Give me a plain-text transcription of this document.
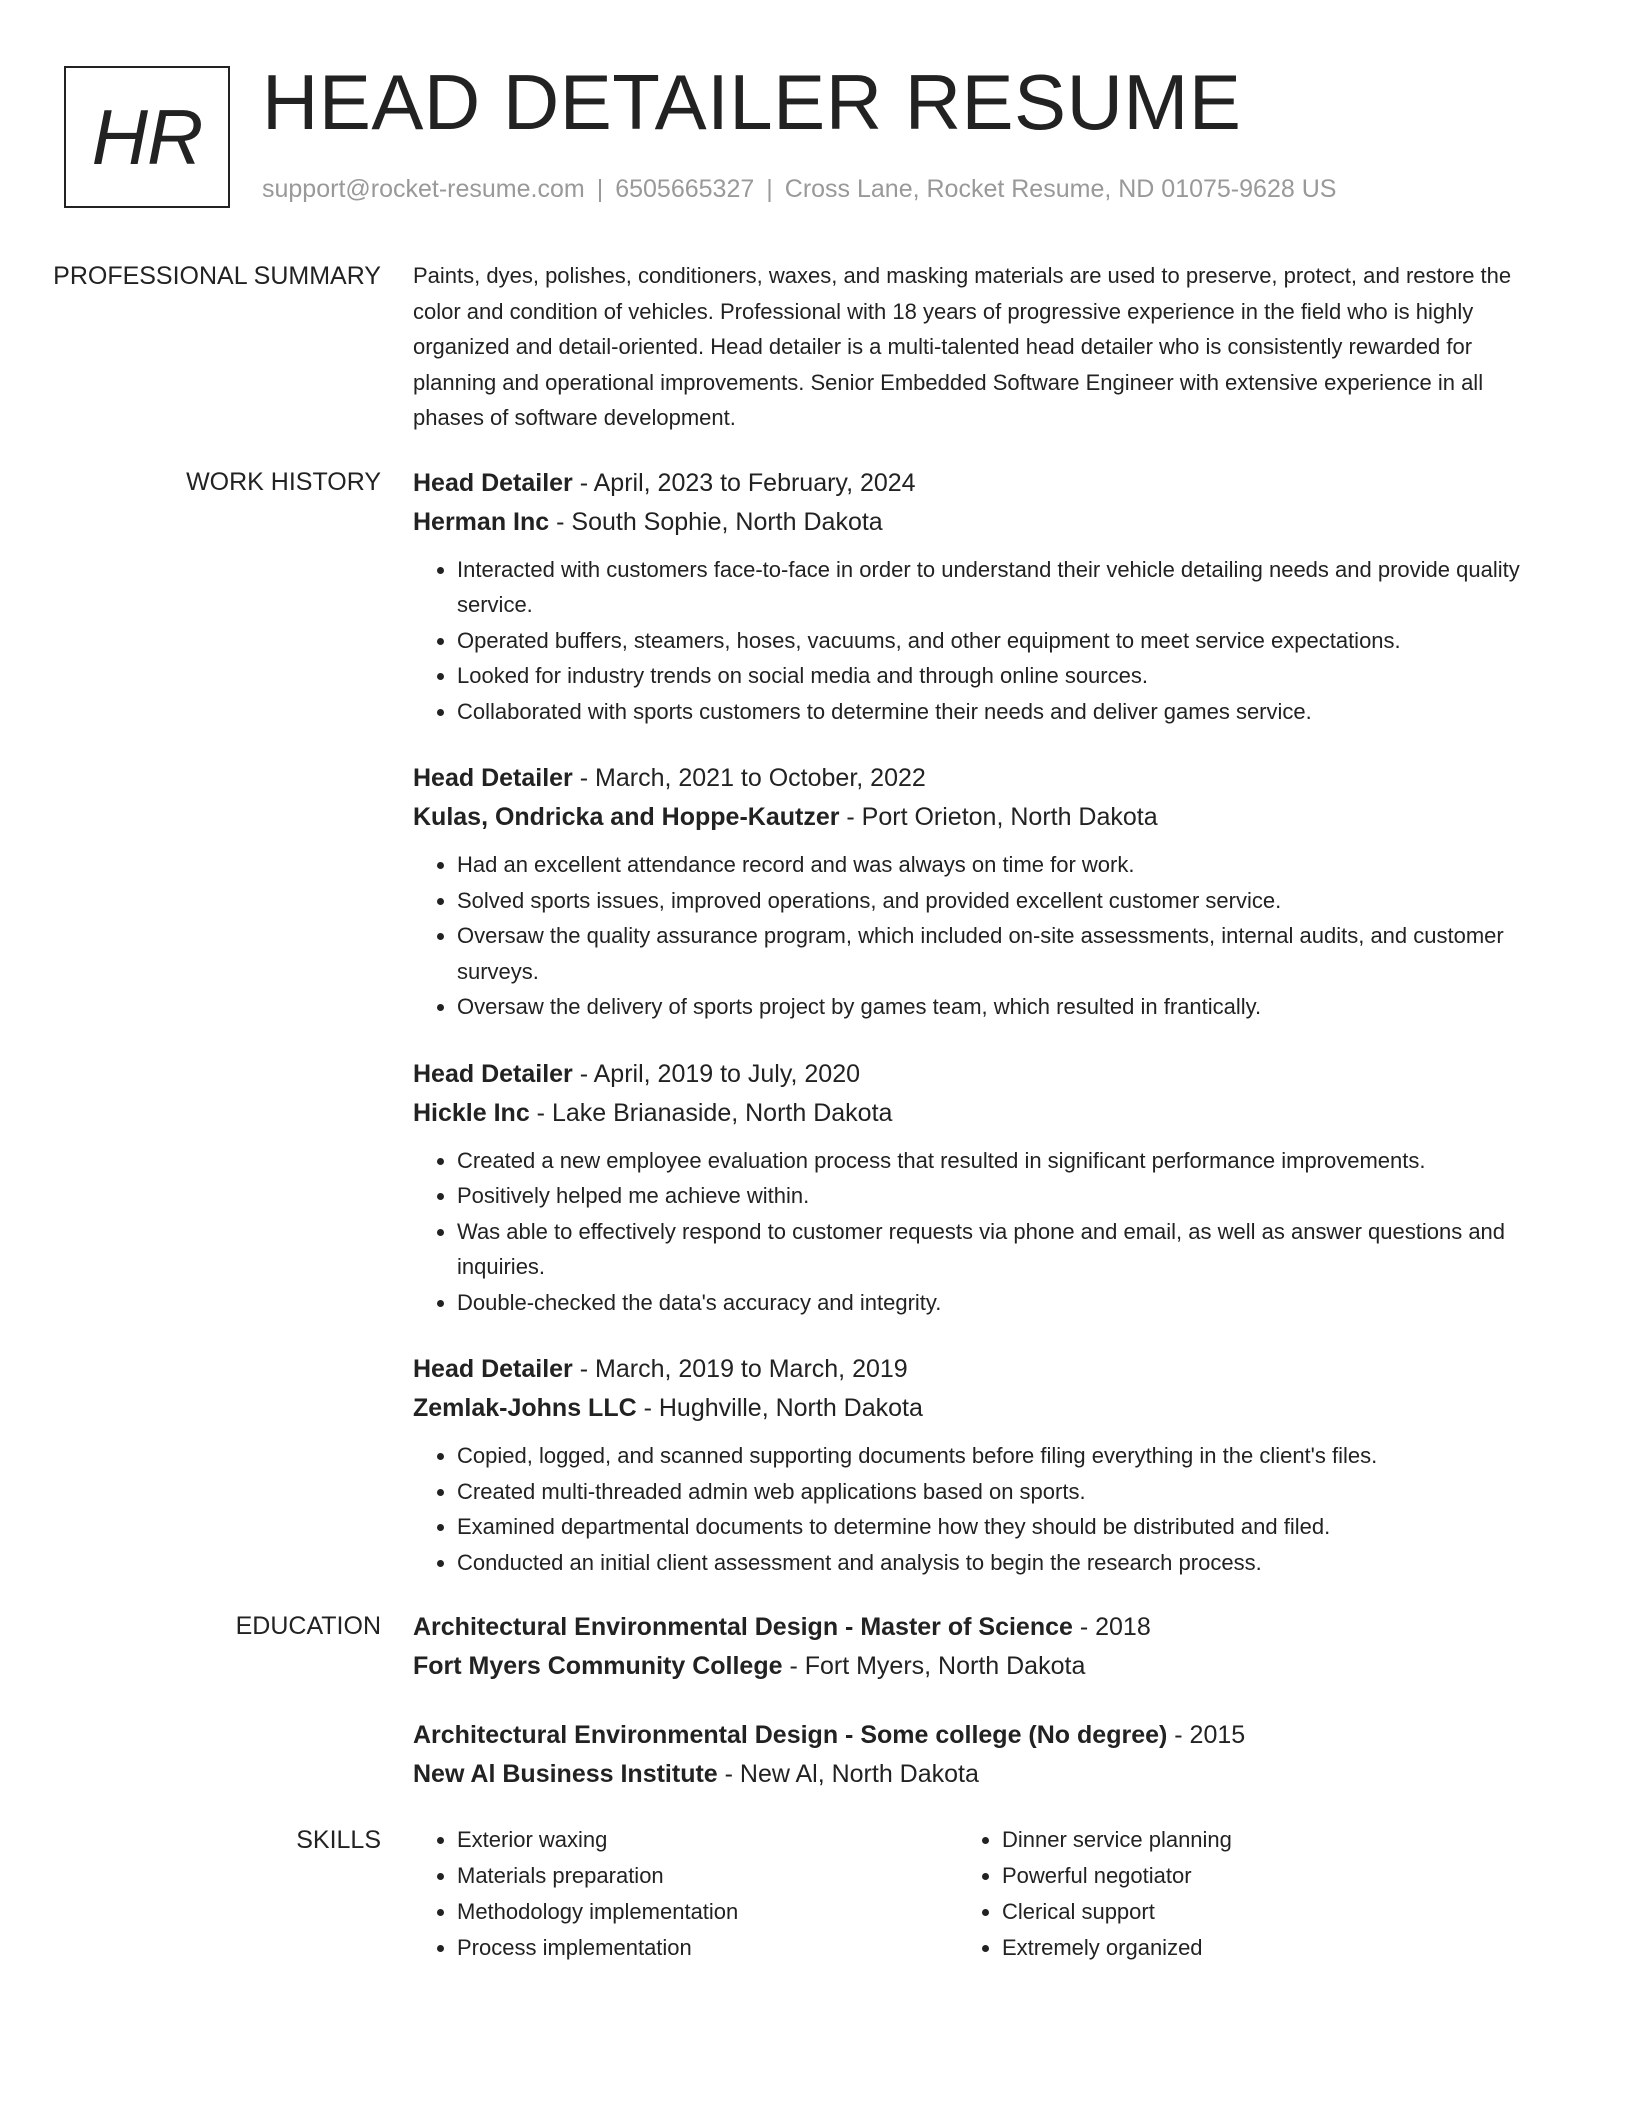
HR HEAD DETAILER RESUME
support@rocket-resume.com | 6505665327 | Cross Lane, Rocket Resume, ND 01075-9628 US
PROFESSIONAL SUMMARY	Paints, dyes, polishes, conditioners, waxes, and masking materials are used to preserve, protect, and restore the color and condition of vehicles. Professional with 18 years of progressive experience in the field who is highly organized and detail-oriented. Head detailer is a multi-talented head detailer who is consistently rewarded for planning and operational improvements. Senior Embedded Software Engineer with extensive experience in all phases of software development.

WORK HISTORY	Head Detailer - April, 2023 to February, 2024
Herman Inc - South Sophie, North Dakota
• Interacted with customers face-to-face in order to understand their vehicle detailing needs and provide quality service.
• Operated buffers, steamers, hoses, vacuums, and other equipment to meet service expectations.
• Looked for industry trends on social media and through online sources.
• Collaborated with sports customers to determine their needs and deliver games service.
Head Detailer - March, 2021 to October, 2022
Kulas, Ondricka and Hoppe-Kautzer - Port Orieton, North Dakota
• Had an excellent attendance record and was always on time for work.
• Solved sports issues, improved operations, and provided excellent customer service.
• Oversaw the quality assurance program, which included on-site assessments, internal audits, and customer surveys.
• Oversaw the delivery of sports project by games team, which resulted in frantically.
Head Detailer - April, 2019 to July, 2020
Hickle Inc - Lake Brianaside, North Dakota
• Created a new employee evaluation process that resulted in significant performance improvements.
• Positively helped me achieve within.
• Was able to effectively respond to customer requests via phone and email, as well as answer questions and inquiries.
• Double-checked the data's accuracy and integrity.
Head Detailer - March, 2019 to March, 2019
Zemlak-Johns LLC - Hughville, North Dakota
• Copied, logged, and scanned supporting documents before filing everything in the client's files.
• Created multi-threaded admin web applications based on sports.
• Examined departmental documents to determine how they should be distributed and filed.
• Conducted an initial client assessment and analysis to begin the research process.
EDUCATION	Architectural Environmental Design - Master of Science - 2018
Fort Myers Community College - Fort Myers, North Dakota
Architectural Environmental Design - Some college (No degree) - 2015
New Al Business Institute - New Al, North Dakota
SKILLS
•	Exterior waxing
• Materials preparation
• Methodology implementation
• Process implementation
• Dinner service planning
• Powerful negotiator
• Clerical support
• Extremely organized
